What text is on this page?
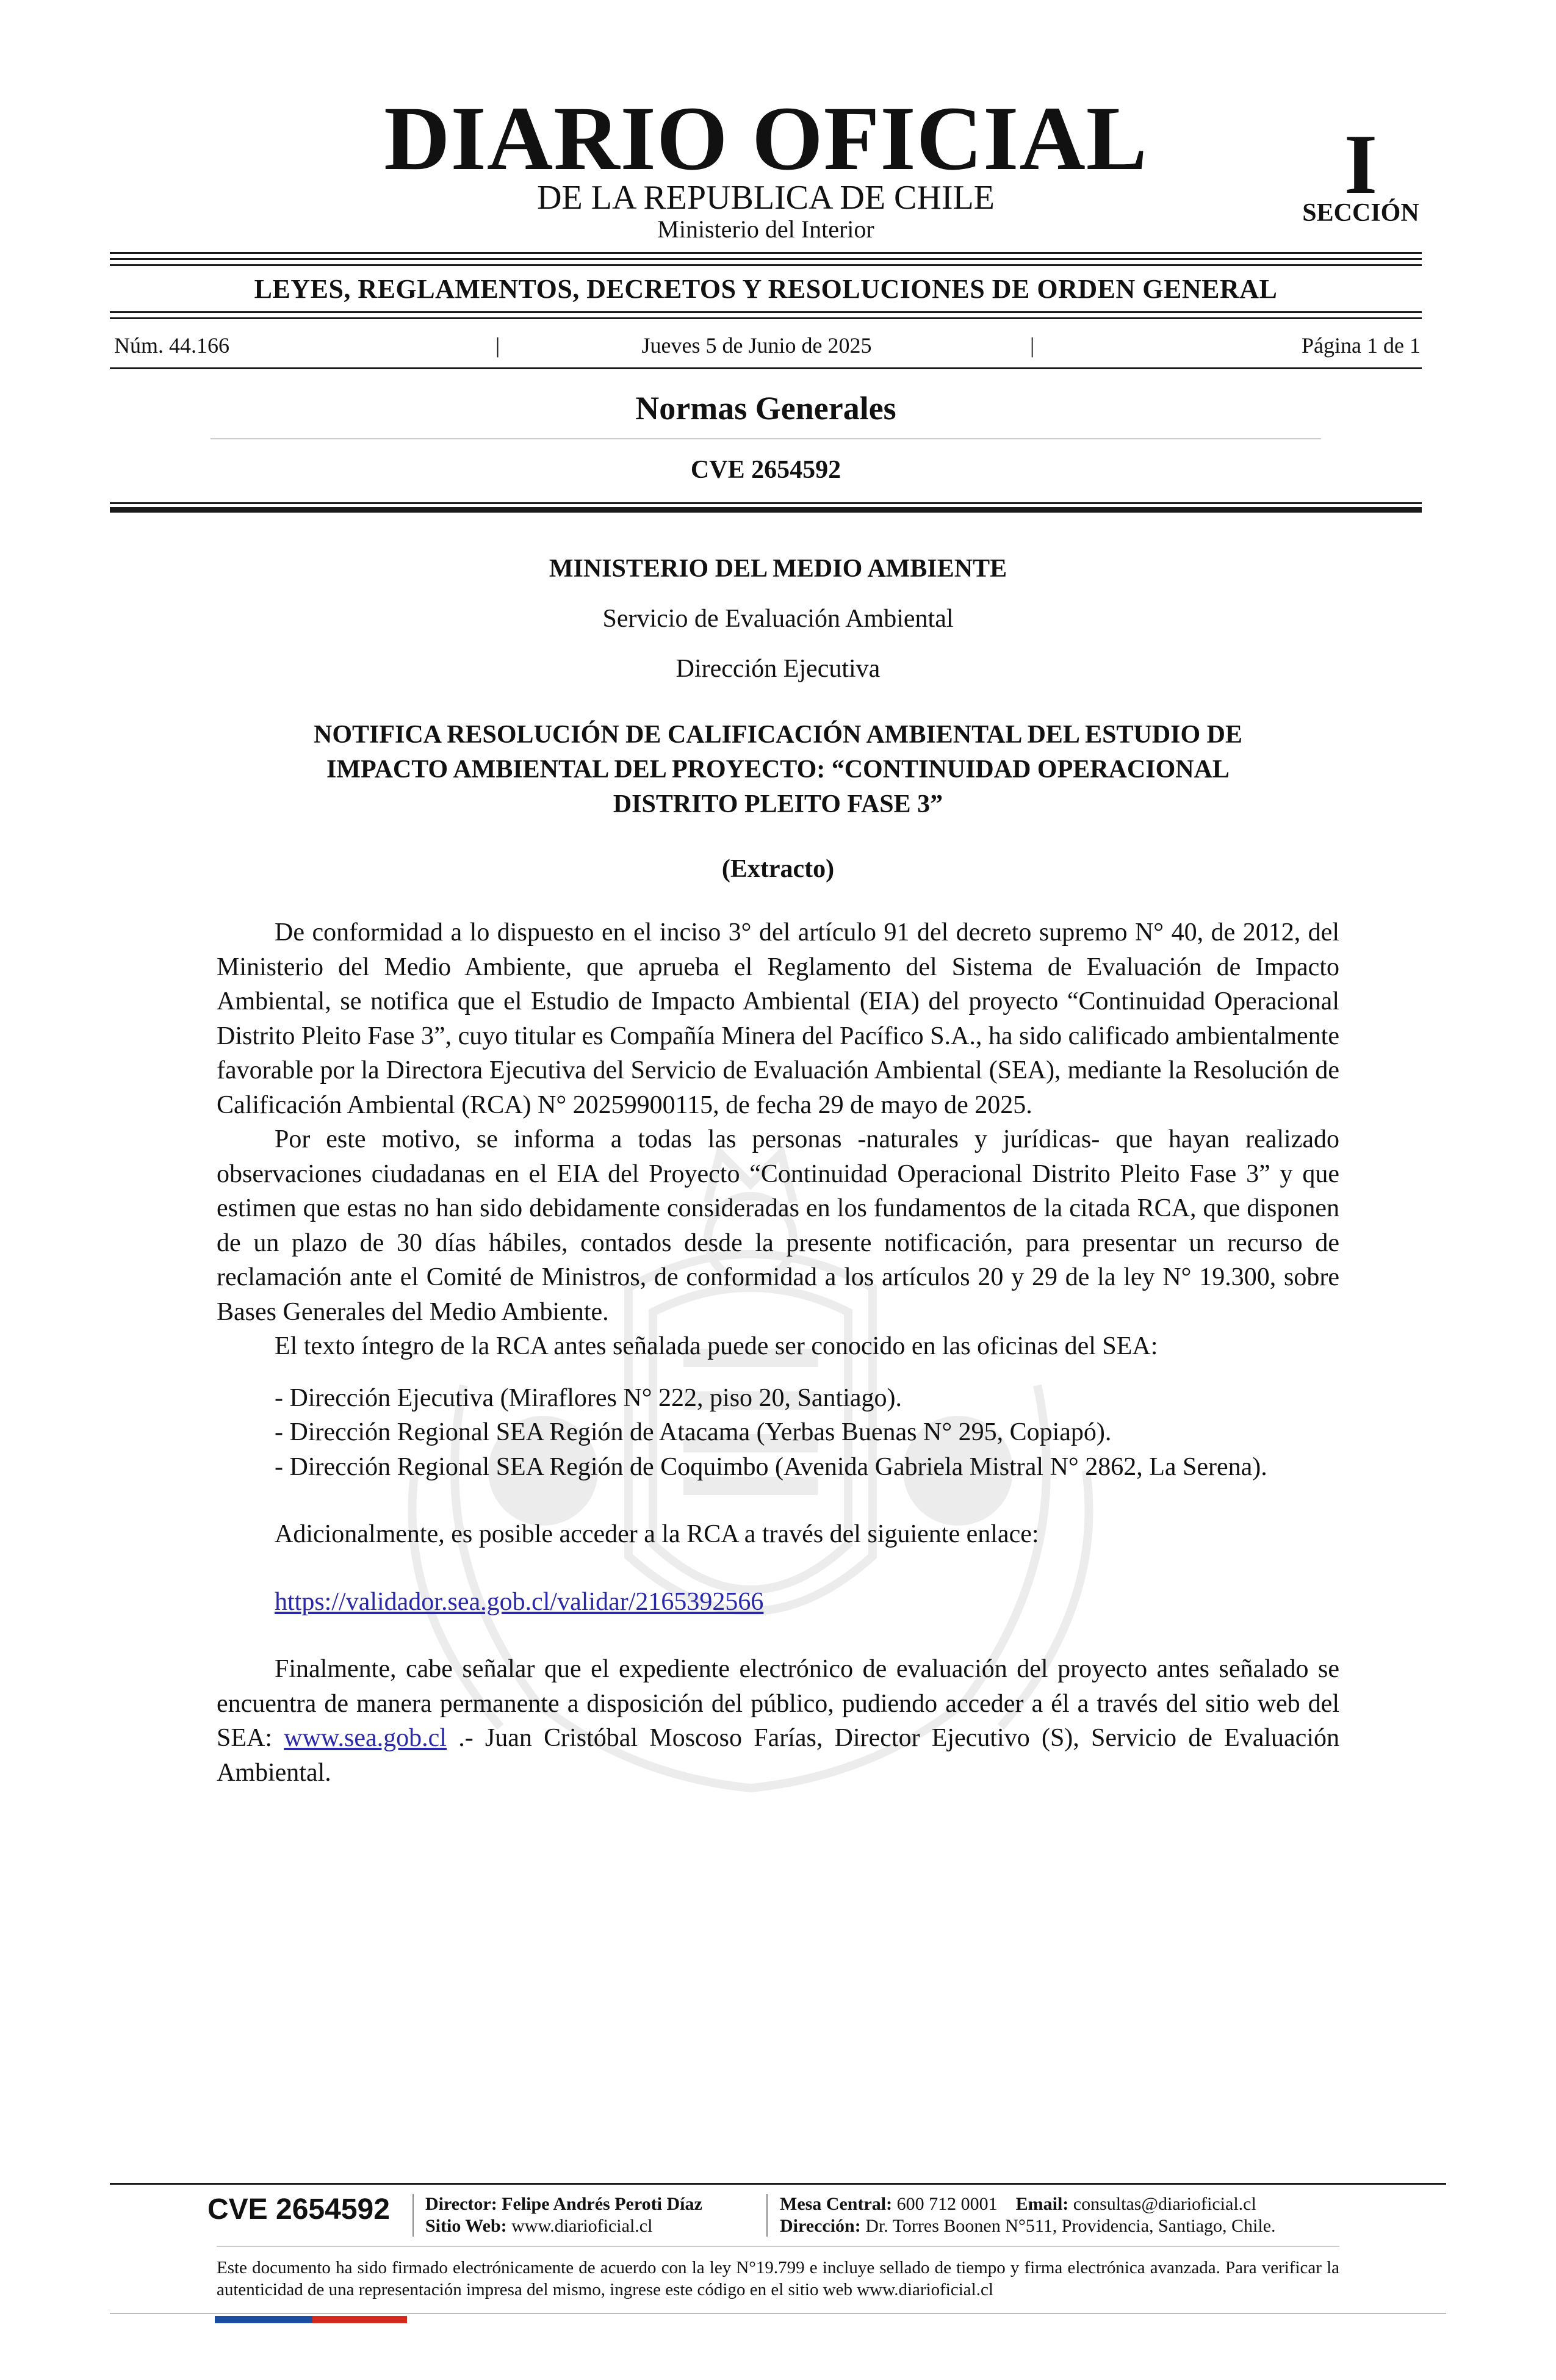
DIARIO OFICIAL
DE LA REPUBLICA DE CHILE
Ministerio del Interior
I
SECCIÓN
LEYES, REGLAMENTOS, DECRETOS Y RESOLUCIONES DE ORDEN GENERAL
Núm. 44.166	|	Jueves 5 de Junio de 2025	|	Página 1 de 1
Normas Generales
CVE 2654592
MINISTERIO DEL MEDIO AMBIENTE
Servicio de Evaluación Ambiental
Dirección Ejecutiva
NOTIFICA RESOLUCIÓN DE CALIFICACIÓN AMBIENTAL DEL ESTUDIO DE
IMPACTO AMBIENTAL DEL PROYECTO: “CONTINUIDAD OPERACIONAL
DISTRITO PLEITO FASE 3”
(Extracto)

De conformidad a lo dispuesto en el inciso 3° del artículo 91 del decreto supremo N° 40, de 2012, del Ministerio del Medio Ambiente, que aprueba el Reglamento del Sistema de Evaluación de Impacto Ambiental, se notifica que el Estudio de Impacto Ambiental (EIA) del proyecto “Continuidad Operacional Distrito Pleito Fase 3”, cuyo titular es Compañía Minera del Pacífico S.A., ha sido calificado ambientalmente favorable por la Directora Ejecutiva del Servicio de Evaluación Ambiental (SEA), mediante la Resolución de Calificación Ambiental (RCA) N° 20259900115, de fecha 29 de mayo de 2025.

Por este motivo, se informa a todas las personas -naturales y jurídicas- que hayan realizado observaciones ciudadanas en el EIA del Proyecto “Continuidad Operacional Distrito Pleito Fase 3” y que estimen que estas no han sido debidamente consideradas en los fundamentos de la citada RCA, que disponen de un plazo de 30 días hábiles, contados desde la presente notificación, para presentar un recurso de reclamación ante el Comité de Ministros, de conformidad a los artículos 20 y 29 de la ley N° 19.300, sobre Bases Generales del Medio Ambiente.

El texto íntegro de la RCA antes señalada puede ser conocido en las oficinas del SEA:

- Dirección Ejecutiva (Miraflores N° 222, piso 20, Santiago).

- Dirección Regional SEA Región de Atacama (Yerbas Buenas N° 295, Copiapó).

- Dirección Regional SEA Región de Coquimbo (Avenida Gabriela Mistral N° 2862, La Serena).

Adicionalmente, es posible acceder a la RCA a través del siguiente enlace:

https://validador.sea.gob.cl/validar/2165392566

Finalmente, cabe señalar que el expediente electrónico de evaluación del proyecto antes señalado se encuentra de manera permanente a disposición del público, pudiendo acceder a él a través del sitio web del SEA: www.sea.gob.cl .- Juan Cristóbal Moscoso Farías, Director Ejecutivo (S), Servicio de Evaluación Ambiental.

CVE 2654592 Director: Felipe Andrés Peroti Díaz
Sitio Web: www.diarioficial.cl
Mesa Central: 600 712 0001 Email: consultas@diarioficial.cl
Dirección: Dr. Torres Boonen N°511, Providencia, Santiago, Chile.
Este documento ha sido firmado electrónicamente de acuerdo con la ley N°19.799 e incluye sellado de tiempo y firma electrónica avanzada. Para verificar la autenticidad de una representación impresa del mismo, ingrese este código en el sitio web www.diarioficial.cl
